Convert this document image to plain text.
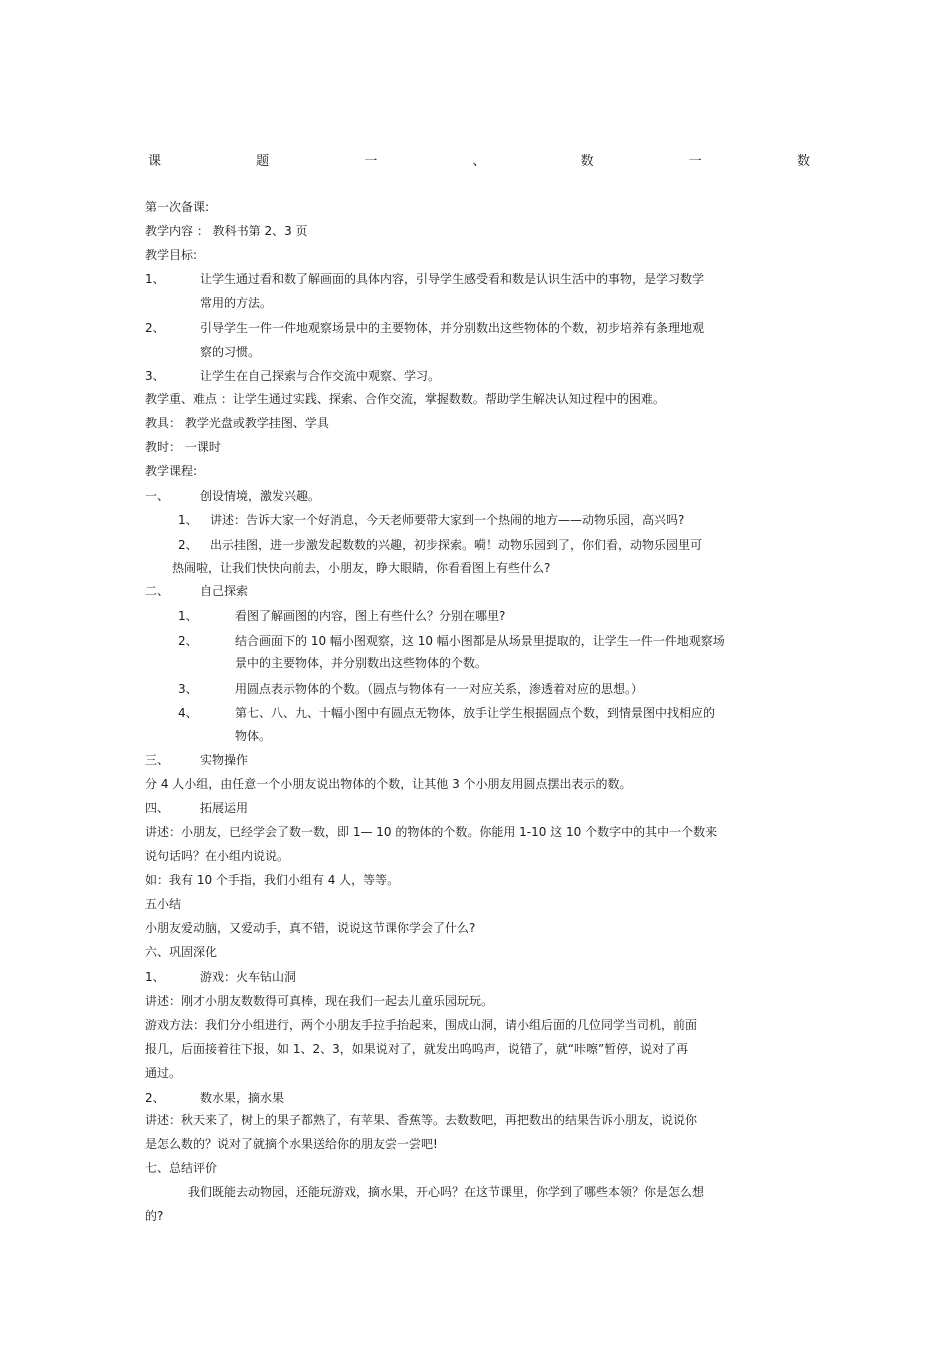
课	题	一	、	数	一	数
第一次备课:
教学内容 ： 教科书第 2、3 页
教学目标:
1、	让学生通过看和数了解画面的具体内容，引导学生感受看和数是认识生活中的事物，是学习数学
常用的方法。
2、	引导学生一件一件地观察场景中的主要物体，并分别数出这些物体的个数，初步培养有条理地观
察的习惯。
3、	让学生在自己探索与合作交流中观察、学习。
教学重、难点 ：让学生通过实践、探索、合作交流，掌握数数。帮助学生解决认知过程中的困难。
教具： 教学光盘或教学挂图、学具
教时： 一课时
教学课程:
一、	创设情境，激发兴趣。
1、 讲述：告诉大家一个好消息，今天老师要带大家到一个热闹的地方——动物乐园，高兴吗?
2、 出示挂图，进一步激发起数数的兴趣，初步探索。嗬！动物乐园到了，你们看，动物乐园里可
热闹啦，让我们快快向前去，小朋友，睁大眼睛，你看看图上有些什么?
二、	自己探索
1、	看图了解画图的内容，图上有些什么？分别在哪里?
2、	结合画面下的 10 幅小图观察，这 10 幅小图都是从场景里提取的，让学生一件一件地观察场
景中的主要物体，并分别数出这些物体的个数。
3、	用圆点表示物体的个数。（圆点与物体有一一对应关系，渗透着对应的思想。）
4、	第七、八、九、十幅小图中有圆点无物体，放手让学生根据圆点个数，到情景图中找相应的
物体。
三、	实物操作
分 4 人小组，由任意一个小朋友说出物体的个数，让其他 3 个小朋友用圆点摆出表示的数。
四、	拓展运用
讲述：小朋友，已经学会了数一数，即 1— 10 的物体的个数。你能用 1-10 这 10 个数字中的其中一个数来
说句话吗？在小组内说说。
如：我有 10 个手指，我们小组有 4 人，等等。
五小结
小朋友爱动脑，又爱动手，真不错，说说这节课你学会了什么?
六、巩固深化
1、	游戏：火车钻山洞
讲述：刚才小朋友数数得可真棒，现在我们一起去儿童乐园玩玩。
游戏方法：我们分小组进行，两个小朋友手拉手抬起来，围成山洞，请小组后面的几位同学当司机，前面
报几，后面接着往下报，如 1、2、3，如果说对了，就发出呜呜声，说错了，就“咔嚓”暂停，说对了再
通过。
2、	数水果，摘水果
讲述：秋天来了，树上的果子都熟了，有苹果、香蕉等。去数数吧，再把数出的结果告诉小朋友，说说你
是怎么数的？说对了就摘个水果送给你的朋友尝一尝吧!
七、总结评价
我们既能去动物园，还能玩游戏，摘水果，开心吗？在这节课里，你学到了哪些本领？你是怎么想
的?
